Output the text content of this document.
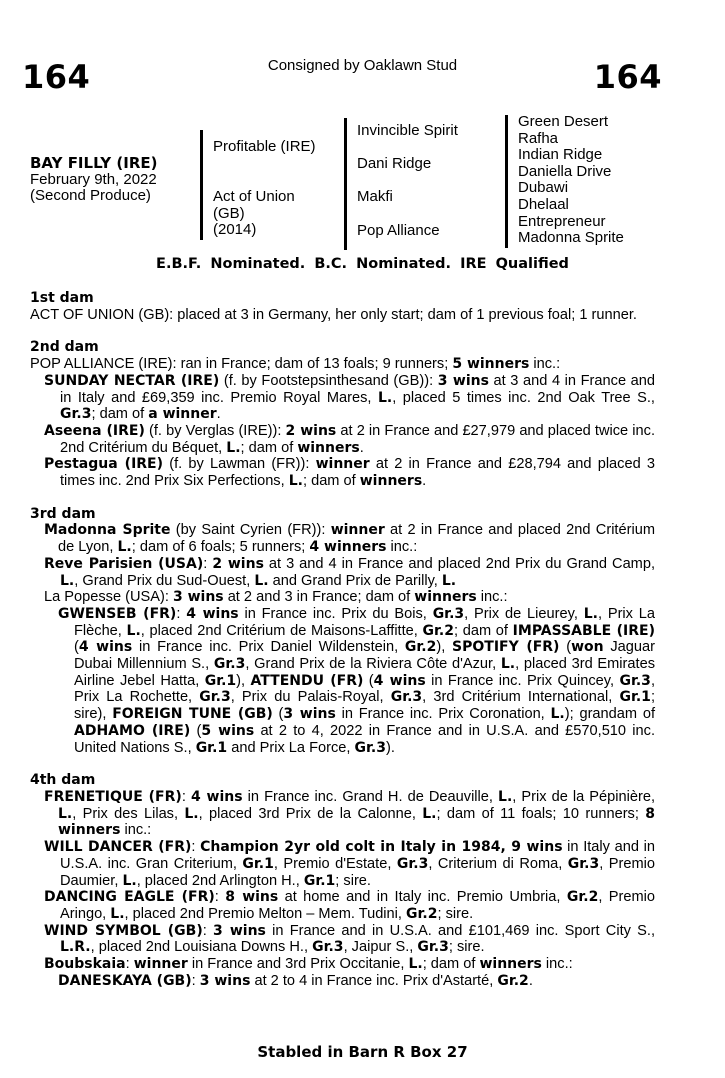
164	Consigned by Oaklawn Stud	164
BAY FILLY (IRE)
February 9th, 2022
(Second Produce)
Profitable (IRE)
Act of Union
(GB)
(2014)
Invincible Spirit
Dani Ridge
Makfi
Pop Alliance
Green Desert
Rafha
Indian Ridge
Daniella Drive
Dubawi
Dhelaal
Entrepreneur
Madonna Sprite
E.B.F. Nominated. B.C. Nominated. IRE Qualified

1st dam

ACT OF UNION (GB): placed at 3 in Germany, her only start; dam of 1 previous foal; 1 runner.

2nd dam

POP ALLIANCE (IRE): ran in France; dam of 13 foals; 9 runners; 5 winners inc.:

SUNDAY NECTAR (IRE) (f. by Footstepsinthesand (GB)): 3 wins at 3 and 4 in France and in Italy and £69,359 inc. Premio Royal Mares, L., placed 5 times inc. 2nd Oak Tree S., Gr.3; dam of a winner.

Aseena (IRE) (f. by Verglas (IRE)): 2 wins at 2 in France and £27,979 and placed twice inc. 2nd Critérium du Béquet, L.; dam of winners.

Pestagua (IRE) (f. by Lawman (FR)): winner at 2 in France and £28,794 and placed 3 times inc. 2nd Prix Six Perfections, L.; dam of winners.

3rd dam

Madonna Sprite (by Saint Cyrien (FR)): winner at 2 in France and placed 2nd Critérium de Lyon, L.; dam of 6 foals; 5 runners; 4 winners inc.:

Reve Parisien (USA): 2 wins at 3 and 4 in France and placed 2nd Prix du Grand Camp, L., Grand Prix du Sud-Ouest, L. and Grand Prix de Parilly, L.

La Popesse (USA): 3 wins at 2 and 3 in France; dam of winners inc.:

GWENSEB (FR): 4 wins in France inc. Prix du Bois, Gr.3, Prix de Lieurey, L., Prix La Flèche, L., placed 2nd Critérium de Maisons-Laffitte, Gr.2; dam of IMPASSABLE (IRE) (4 wins in France inc. Prix Daniel Wildenstein, Gr.2), SPOTIFY (FR) (won Jaguar Dubai Millennium S., Gr.3, Grand Prix de la Riviera Côte d'Azur, L., placed 3rd Emirates Airline Jebel Hatta, Gr.1), ATTENDU (FR) (4 wins in France inc. Prix Quincey, Gr.3, Prix La Rochette, Gr.3, Prix du Palais-Royal, Gr.3, 3rd Critérium International, Gr.1; sire), FOREIGN TUNE (GB) (3 wins in France inc. Prix Coronation, L.); grandam of ADHAMO (IRE) (5 wins at 2 to 4, 2022 in France and in U.S.A. and £570,510 inc. United Nations S., Gr.1 and Prix La Force, Gr.3).

4th dam

FRENETIQUE (FR): 4 wins in France inc. Grand H. de Deauville, L., Prix de la Pépinière, L., Prix des Lilas, L., placed 3rd Prix de la Calonne, L.; dam of 11 foals; 10 runners; 8 winners inc.:

WILL DANCER (FR): Champion 2yr old colt in Italy in 1984, 9 wins in Italy and in U.S.A. inc. Gran Criterium, Gr.1, Premio d'Estate, Gr.3, Criterium di Roma, Gr.3, Premio Daumier, L., placed 2nd Arlington H., Gr.1; sire.

DANCING EAGLE (FR): 8 wins at home and in Italy inc. Premio Umbria, Gr.2, Premio Aringo, L., placed 2nd Premio Melton – Mem. Tudini, Gr.2; sire.

WIND SYMBOL (GB): 3 wins in France and in U.S.A. and £101,469 inc. Sport City S., L.R., placed 2nd Louisiana Downs H., Gr.3, Jaipur S., Gr.3; sire.

Boubskaia: winner in France and 3rd Prix Occitanie, L.; dam of winners inc.:

DANESKAYA (GB): 3 wins at 2 to 4 in France inc. Prix d'Astarté, Gr.2.

Stabled in Barn R Box 27
